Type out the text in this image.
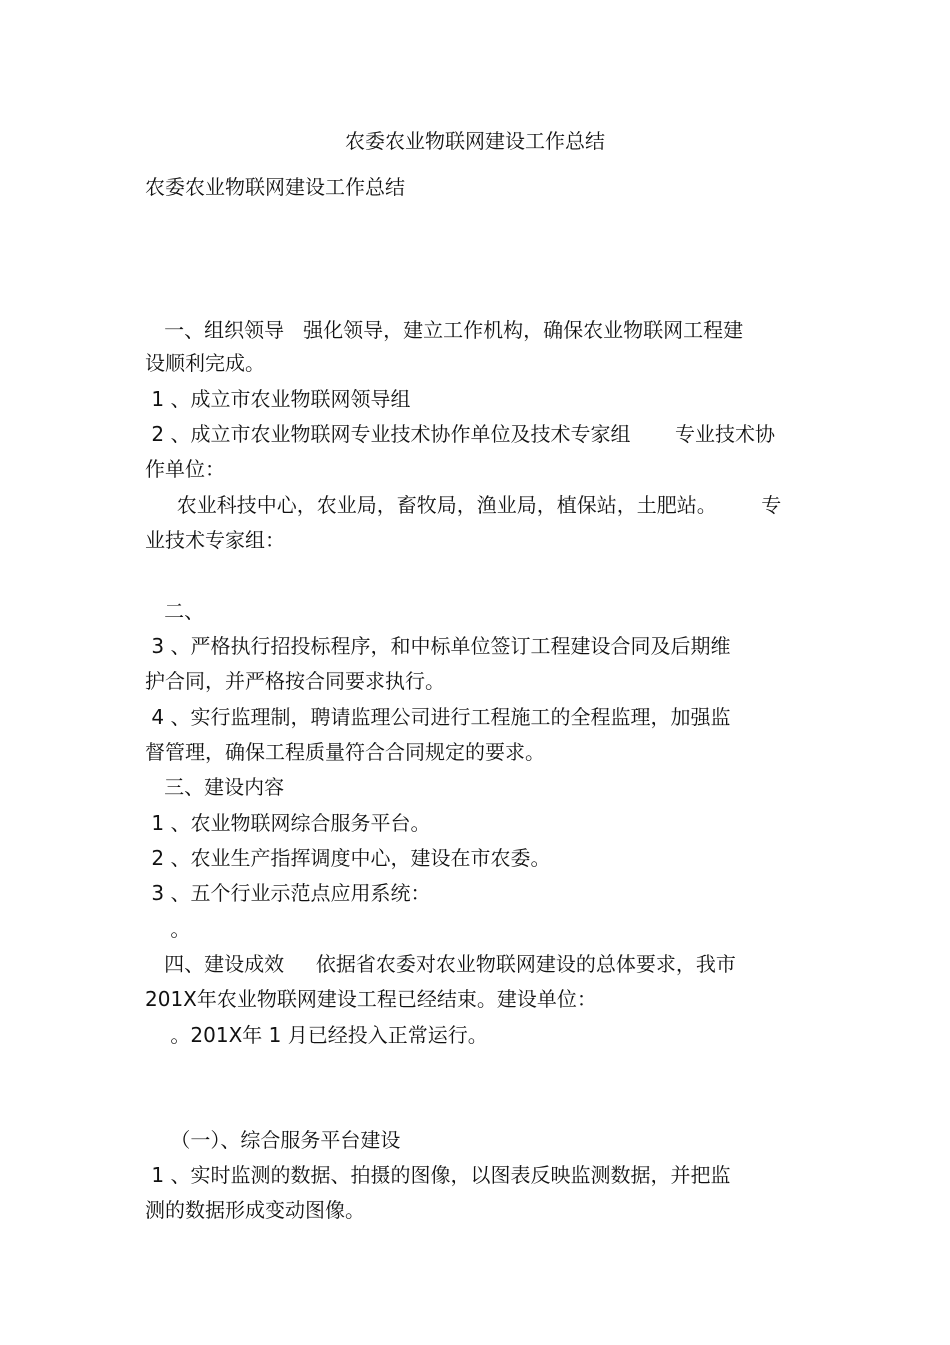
农委农业物联网建设工作总结
农委农业物联网建设工作总结
一、组织领导   强化领导，建立工作机构，确保农业物联网工程建
设顺利完成。
1 、成立市农业物联网领导组
2 、成立市农业物联网专业技术协作单位及技术专家组       专业技术协
作单位：
农业科技中心，农业局，畜牧局，渔业局，植保站，土肥站。       专
业技术专家组：
二、
3 、严格执行招投标程序，和中标单位签订工程建设合同及后期维
护合同，并严格按合同要求执行。
4 、实行监理制，聘请监理公司进行工程施工的全程监理，加强监
督管理，确保工程质量符合合同规定的要求。
三、建设内容
1 、农业物联网综合服务平台。
2 、农业生产指挥调度中心，建设在市农委。
3 、五个行业示范点应用系统：
。
四、建设成效     依据省农委对农业物联网建设的总体要求，我市
201X年农业物联网建设工程已经结束。建设单位：
。201X年 1 月已经投入正常运行。
（一）、综合服务平台建设
1 、实时监测的数据、拍摄的图像，以图表反映监测数据，并把监
测的数据形成变动图像。
